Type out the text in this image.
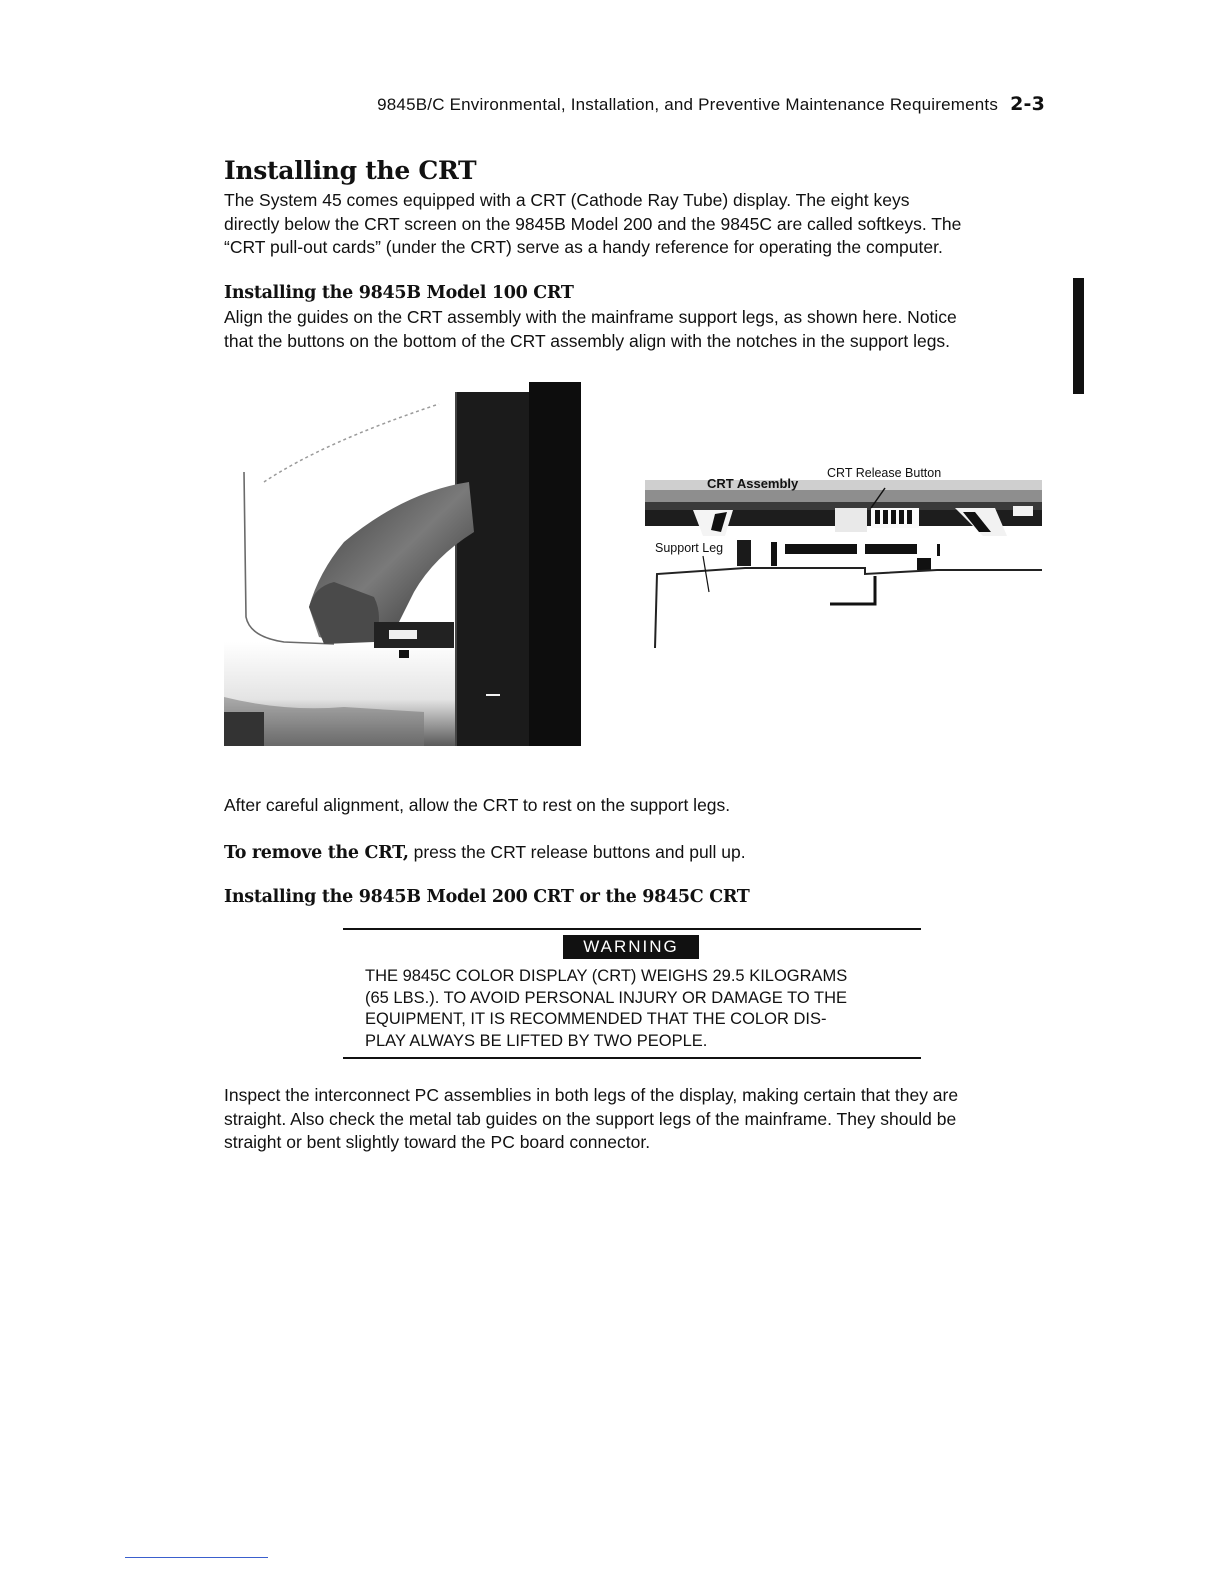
9845B/C Environmental, Installation, and Preventive Maintenance Requirements 2-3
Installing the CRT
The System 45 comes equipped with a CRT (Cathode Ray Tube) display. The eight keys
directly below the CRT screen on the 9845B Model 200 and the 9845C are called softkeys. The
“CRT pull-out cards” (under the CRT) serve as a handy reference for operating the computer.
Installing the 9845B Model 100 CRT
Align the guides on the CRT assembly with the mainframe support legs, as shown here. Notice
that the buttons on the bottom of the CRT assembly align with the notches in the support legs.
CRT Assembly
CRT Release Button
Support Leg
After careful alignment, allow the CRT to rest on the support legs.
To remove the CRT, press the CRT release buttons and pull up.
Installing the 9845B Model 200 CRT or the 9845C CRT
WARNING
THE 9845C COLOR DISPLAY (CRT) WEIGHS 29.5 KILOGRAMS
(65 LBS.). TO AVOID PERSONAL INJURY OR DAMAGE TO THE
EQUIPMENT, IT IS RECOMMENDED THAT THE COLOR DIS-
PLAY ALWAYS BE LIFTED BY TWO PEOPLE.
Inspect the interconnect PC assemblies in both legs of the display, making certain that they are
straight. Also check the metal tab guides on the support legs of the mainframe. They should be
straight or bent slightly toward the PC board connector.
